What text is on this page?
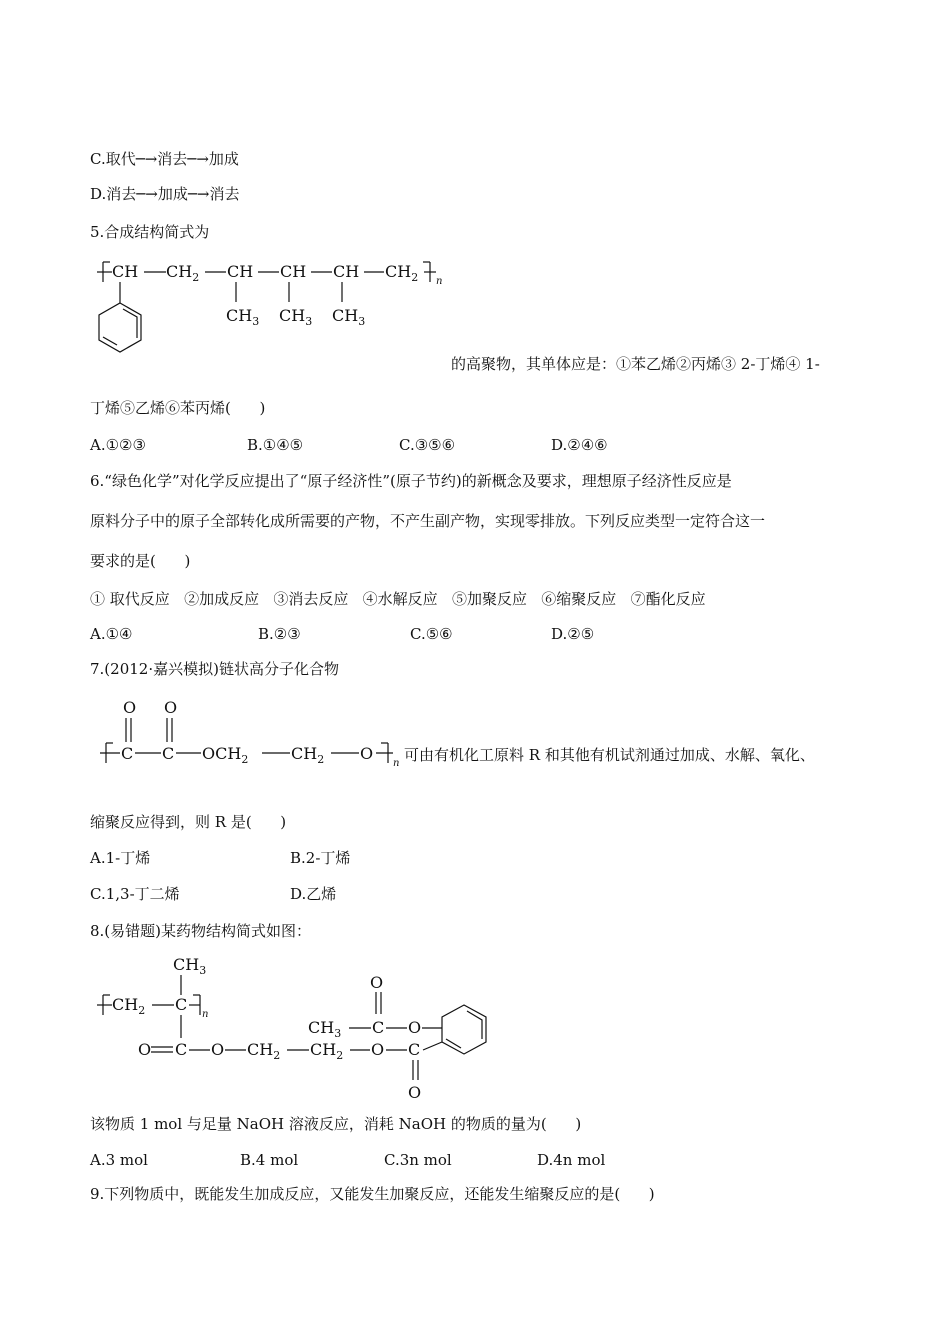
C.取代─→消去─→加成
D.消去─→加成─→消去
5.合成结构简式为
CH $CH_2$ CH CH CH $CH_2$ n
$CH_3$ $CH_3$ $CH_3$
的高聚物，其单体应是：①苯乙烯②丙烯③ 2-丁烯④ 1-
丁烯⑤乙烯⑥苯丙烯(      )
A.①②③	B.①④⑤	C.③⑤⑥	D.②④⑥
6.“绿色化学”对化学反应提出了“原子经济性”(原子节约)的新概念及要求，理想原子经济性反应是
原料分子中的原子全部转化成所需要的产物，不产生副产物，实现零排放。下列反应类型一定符合这一
要求的是(      )
① 取代反应   ②加成反应   ③消去反应   ④水解反应   ⑤加聚反应   ⑥缩聚反应   ⑦酯化反应
A.①④	B.②③	C.⑤⑥	D.②⑤
7.(2012·嘉兴模拟)链状高分子化合物
O O
C C $OCH_2$	$CH_2$ O
n 可由有机化工原料 R 和其他有机试剂通过加成、水解、氧化、
缩聚反应得到，则 R 是(      )
A.1-丁烯	B.2-丁烯
C.1,3-丁二烯	D.乙烯
8.(易错题)某药物结构简式如图：
$CH_3$
$CH_2$ C
n
O C O $CH_2$ $CH_2$ O C
O
$CH_3$ C
O
O
该物质 1 mol 与足量 NaOH 溶液反应，消耗 NaOH 的物质的量为(      )
A.3 mol	B.4 mol	C.3n mol	D.4n mol
9.下列物质中，既能发生加成反应，又能发生加聚反应，还能发生缩聚反应的是(      )
